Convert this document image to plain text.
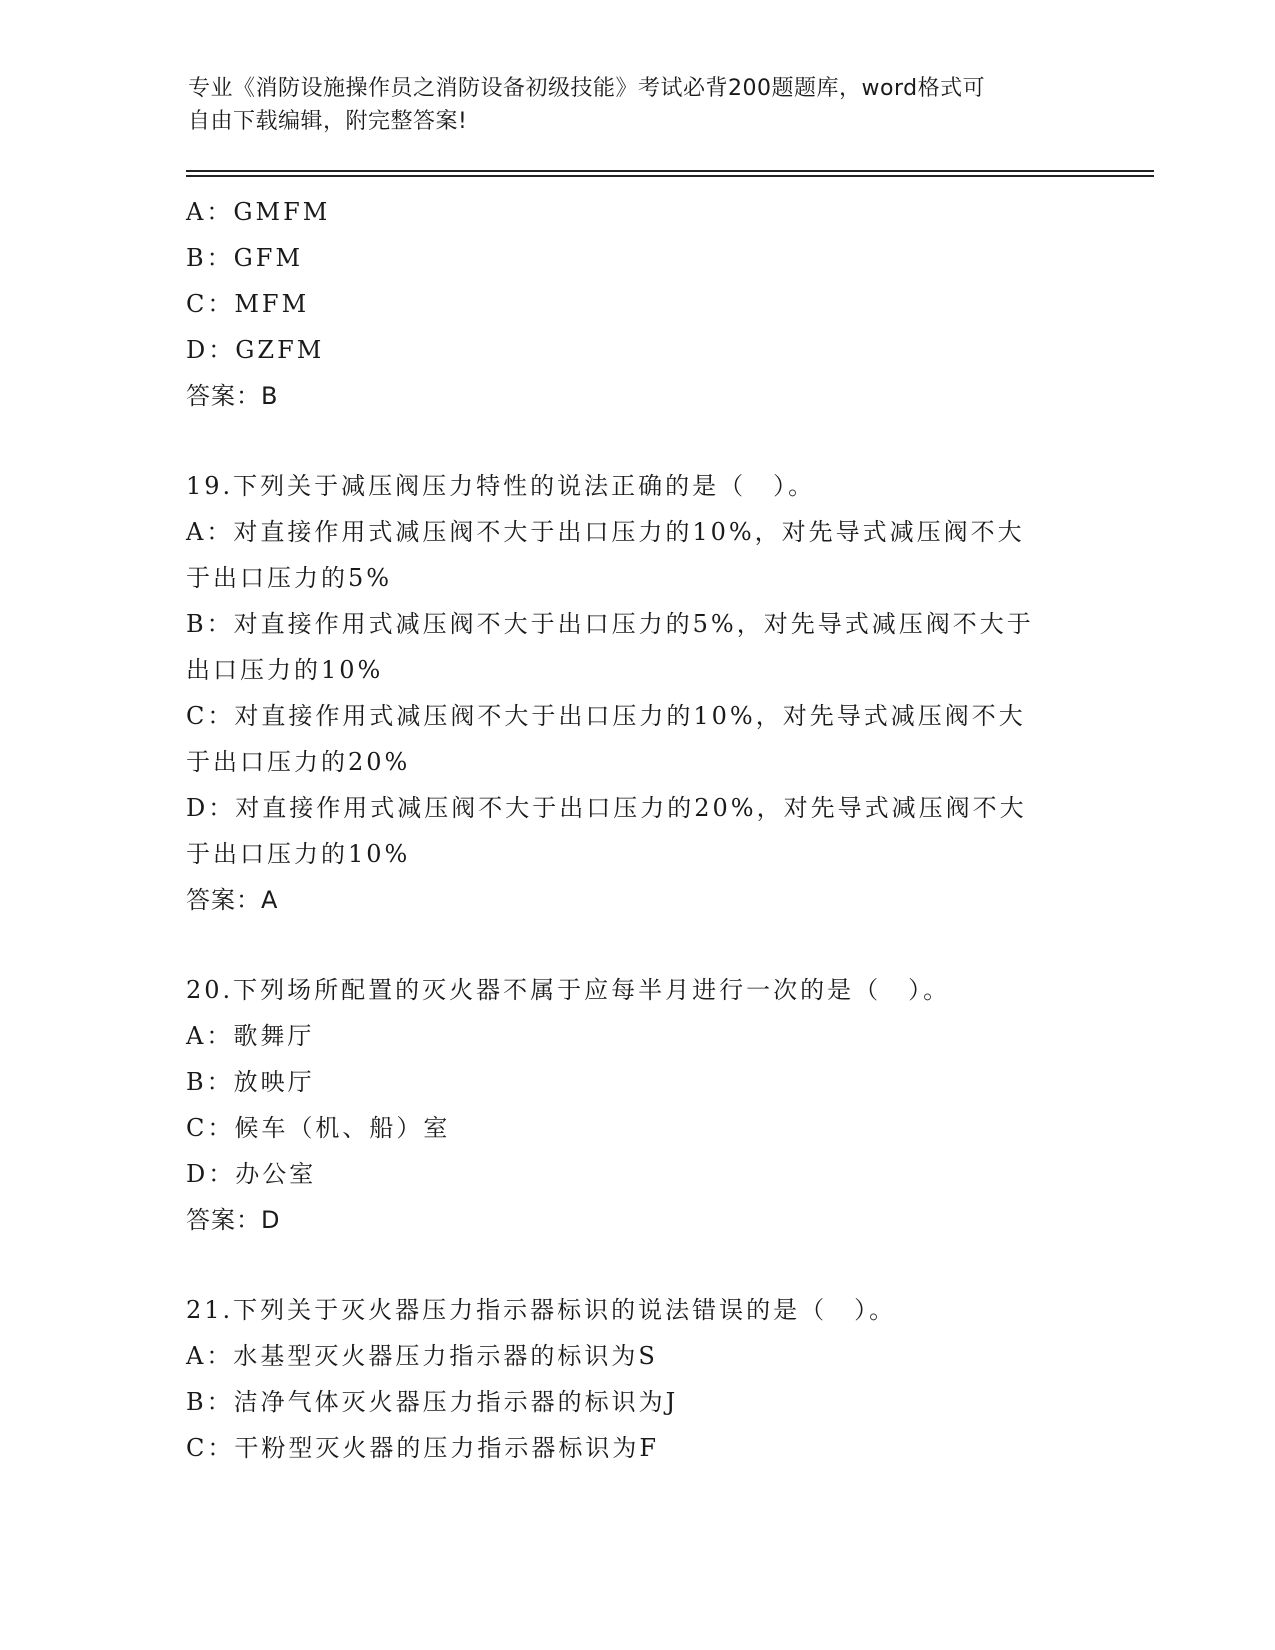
专业《消防设施操作员之消防设备初级技能》考试必背200题题库，word格式可
自由下载编辑，附完整答案!
A：GMFM
B：GFM
C：MFM
D：GZFM
答案：B
19.下列关于减压阀压力特性的说法正确的是（　）。
A：对直接作用式减压阀不大于出口压力的10%，对先导式减压阀不大
于出口压力的5%
B：对直接作用式减压阀不大于出口压力的5%，对先导式减压阀不大于
出口压力的10%
C：对直接作用式减压阀不大于出口压力的10%，对先导式减压阀不大
于出口压力的20%
D：对直接作用式减压阀不大于出口压力的20%，对先导式减压阀不大
于出口压力的10%
答案：A
20.下列场所配置的灭火器不属于应每半月进行一次的是（　）。
A：歌舞厅
B：放映厅
C：候车（机、船）室
D：办公室
答案：D
21.下列关于灭火器压力指示器标识的说法错误的是（　）。
A：水基型灭火器压力指示器的标识为S
B：洁净气体灭火器压力指示器的标识为J
C：干粉型灭火器的压力指示器标识为F
